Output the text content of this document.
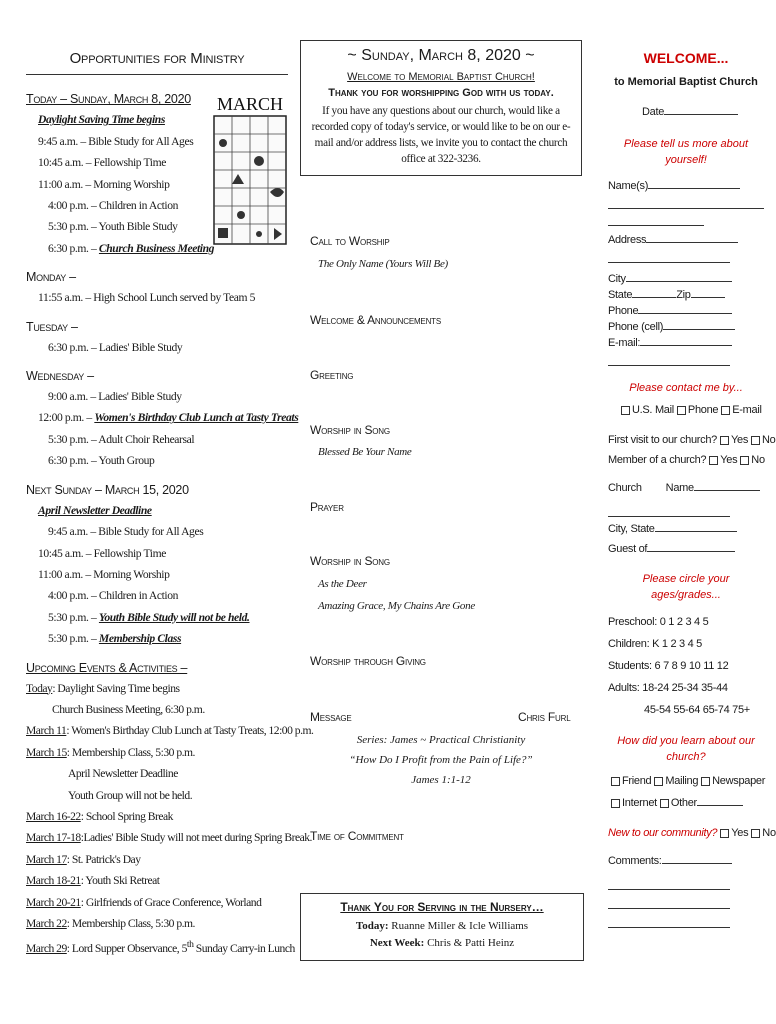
Opportunities for Ministry
Today – Sunday, March 8, 2020
Daylight Saving Time begins
9:45 a.m. – Bible Study for All Ages
10:45 a.m. – Fellowship Time
11:00 a.m. – Morning Worship
4:00 p.m. – Children in Action
5:30 p.m. – Youth Bible Study
6:30 p.m. – Church Business Meeting
MARCH
Monday –
11:55 a.m. – High School Lunch served by Team 5
Tuesday –
6:30 p.m. – Ladies' Bible Study
Wednesday –
9:00 a.m. – Ladies' Bible Study
12:00 p.m. – Women's Birthday Club Lunch at Tasty Treats
5:30 p.m. – Adult Choir Rehearsal
6:30 p.m. – Youth Group
Next Sunday – March 15, 2020
April Newsletter Deadline
9:45 a.m. – Bible Study for All Ages
10:45 a.m. – Fellowship Time
11:00 a.m. – Morning Worship
4:00 p.m. – Children in Action
5:30 p.m. – Youth Bible Study will not be held.
5:30 p.m. – Membership Class
Upcoming Events & Activities –
Today: Daylight Saving Time begins
Church Business Meeting, 6:30 p.m.
March 11: Women's Birthday Club Lunch at Tasty Treats, 12:00 p.m.
March 15: Membership Class, 5:30 p.m.
April Newsletter Deadline
Youth Group will not be held.
March 16-22: School Spring Break
March 17-18:Ladies' Bible Study will not meet during Spring Break.
March 17: St. Patrick's Day
March 18-21: Youth Ski Retreat
March 20-21: Girlfriends of Grace Conference, Worland
March 22: Membership Class, 5:30 p.m.
March 29: Lord Supper Observance, 5th Sunday Carry-in Lunch
~ Sunday, March 8, 2020 ~
Welcome to Memorial Baptist Church!
Thank you for worshipping God with us today.
If you have any questions about our church, would like a recorded copy of today's service, or would like to be on our e-mail and/or address lists, we invite you to contact the church office at 322-3236.
Call to Worship
The Only Name (Yours Will Be)
Welcome & Announcements
Greeting
Worship in Song
Blessed Be Your Name
Prayer
Worship in Song
As the Deer
Amazing Grace, My Chains Are Gone
Worship through Giving
Message	Chris Furl
Series: James ~ Practical Christianity
“How Do I Profit from the Pain of Life?”
James 1:1-12
Time of Commitment
Thank You for Serving in the Nursery…
Today: Ruanne Miller & Icle Williams
Next Week: Chris & Patti Heinz
WELCOME...
to Memorial Baptist Church
Date
Please tell us more about yourself!
Name(s)
Address
City
State	Zip
Phone
Phone (cell)
E-mail:
Please contact me by...
U.S. Mail Phone E-mail
First visit to our church? Yes No
Member of a church? Yes No
Church Name
City, State
Guest of
Please circle your ages/grades...
Preschool: 0 1 2 3 4 5
Children: K 1 2 3 4 5
Students: 6 7 8 9 10 11 12
Adults: 18-24 25-34 35-44
45-54 55-64 65-74 75+
How did you learn about our church?
Friend Mailing Newspaper
Internet Other
New to our community? Yes No
Comments:
